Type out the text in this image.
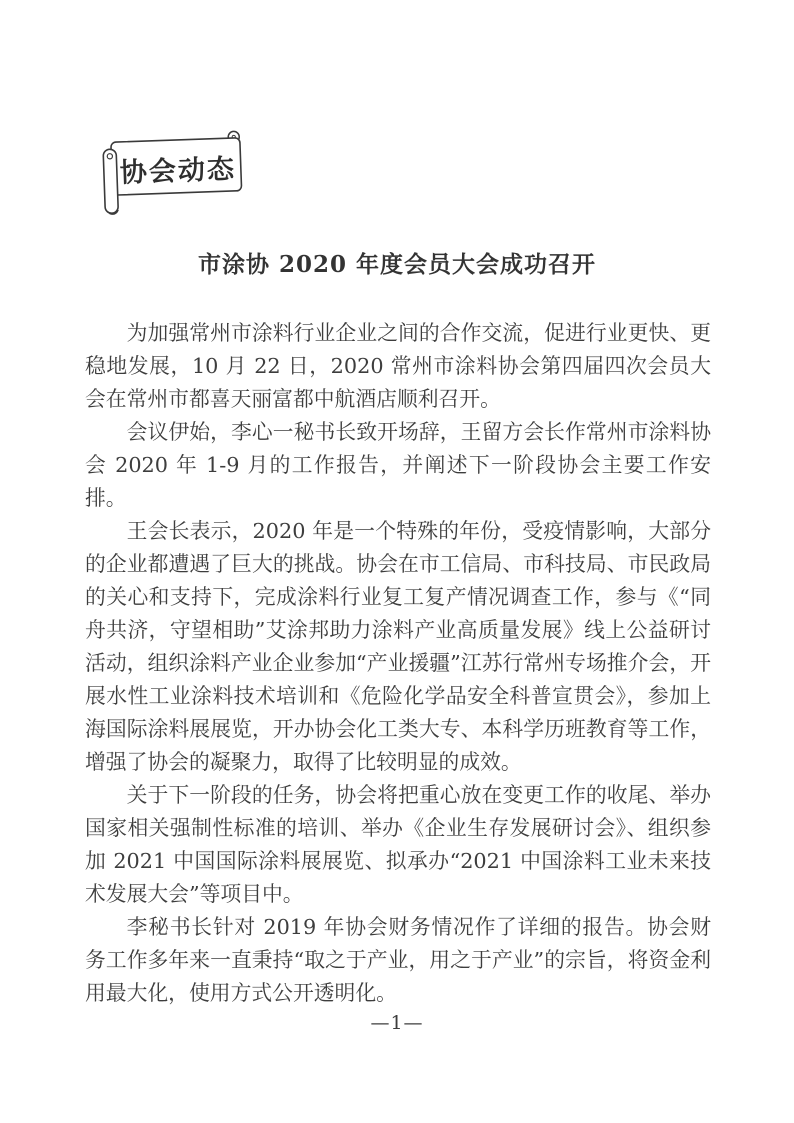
协会动态
市涂协 2020 年度会员大会成功召开

为加强常州市涂料行业企业之间的合作交流，促进行业更快、更稳地发展，10 月 22 日，2020 常州市涂料协会第四届四次会员大会在常州市都喜天丽富都中航酒店顺利召开。

会议伊始，李心一秘书长致开场辞，王留方会长作常州市涂料协会 2020 年 1-9 月的工作报告，并阐述下一阶段协会主要工作安排。

王会长表示，2020 年是一个特殊的年份，受疫情影响，大部分的企业都遭遇了巨大的挑战。协会在市工信局、市科技局、市民政局的关心和支持下，完成涂料行业复工复产情况调查工作，参与《“同舟共济，守望相助”艾涂邦助力涂料产业高质量发展》线上公益研讨活动，组织涂料产业企业参加“产业援疆”江苏行常州专场推介会，开展水性工业涂料技术培训和《危险化学品安全科普宣贯会》，参加上海国际涂料展展览，开办协会化工类大专、本科学历班教育等工作，增强了协会的凝聚力，取得了比较明显的成效。

关于下一阶段的任务，协会将把重心放在变更工作的收尾、举办国家相关强制性标准的培训、举办《企业生存发展研讨会》、组织参加 2021 中国国际涂料展展览、拟承办“2021 中国涂料工业未来技术发展大会”等项目中。

李秘书长针对 2019 年协会财务情况作了详细的报告。协会财务工作多年来一直秉持“取之于产业，用之于产业”的宗旨，将资金利用最大化，使用方式公开透明化。

—1—
